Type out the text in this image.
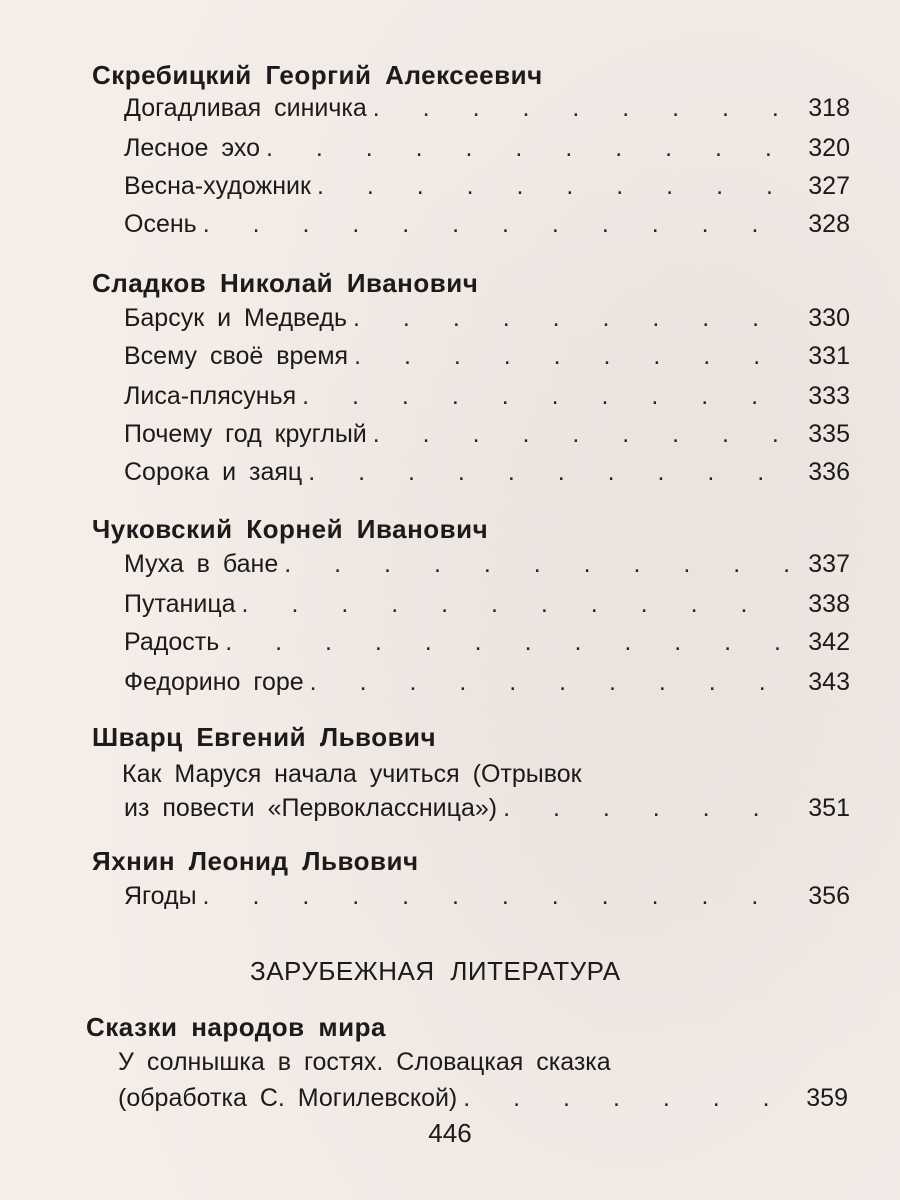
Скребицкий Георгий Алексеевич
Догадливая синичка . . .	318
Лесное эхо . . .	320
Весна-художник . . .	327
Осень . . .	328
Сладков Николай Иванович
Барсук и Медведь . . .	330
Всему своё время . . .	331
Лиса-плясунья . . .	333
Почему год круглый . . .	335
Сорока и заяц . . .	336
Чуковский Корней Иванович
Муха в бане . . .	337
Путаница . . .	338
Радость . . .	342
Федорино горе . . .	343
Шварц Евгений Львович
Как Маруся начала учиться (Отрывок
из повести «Первоклассница») . . .	351
Яхнин Леонид Львович
Ягоды . . .	356
ЗАРУБЕЖНАЯ ЛИТЕРАТУРА
Сказки народов мира
У солнышка в гостях. Словацкая сказка
(обработка С. Могилевской) . . .	359
446
